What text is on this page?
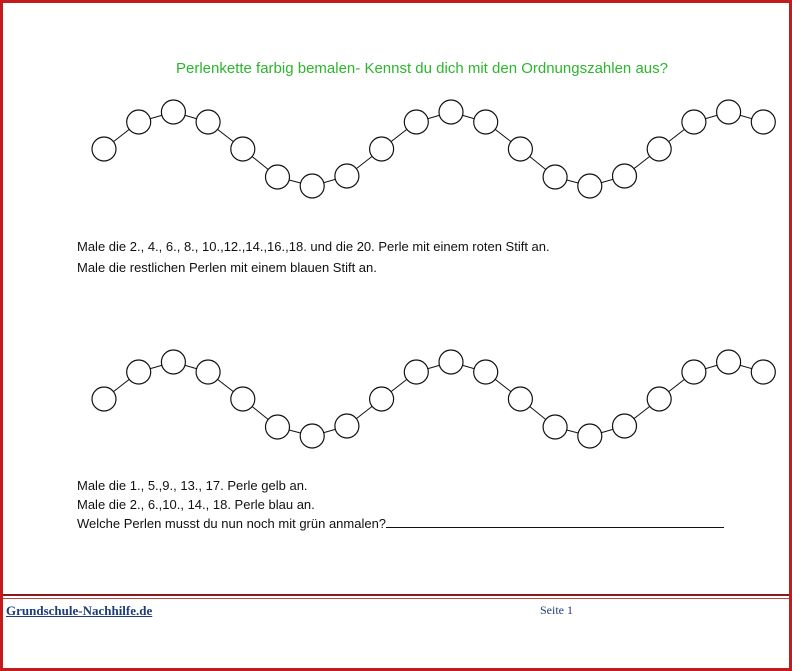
Perlenkette farbig bemalen- Kennst du dich mit den Ordnungszahlen aus?
Male die 2., 4., 6., 8., 10.,12.,14.,16.,18. und die 20. Perle mit einem roten Stift an.
Male die restlichen Perlen mit einem blauen Stift an.
Male die 1., 5.,9., 13., 17. Perle gelb an.
Male die 2., 6.,10., 14., 18. Perle blau an.
Welche Perlen musst du nun noch mit grün anmalen?
Grundschule-Nachhilfe.de	Seite 1
